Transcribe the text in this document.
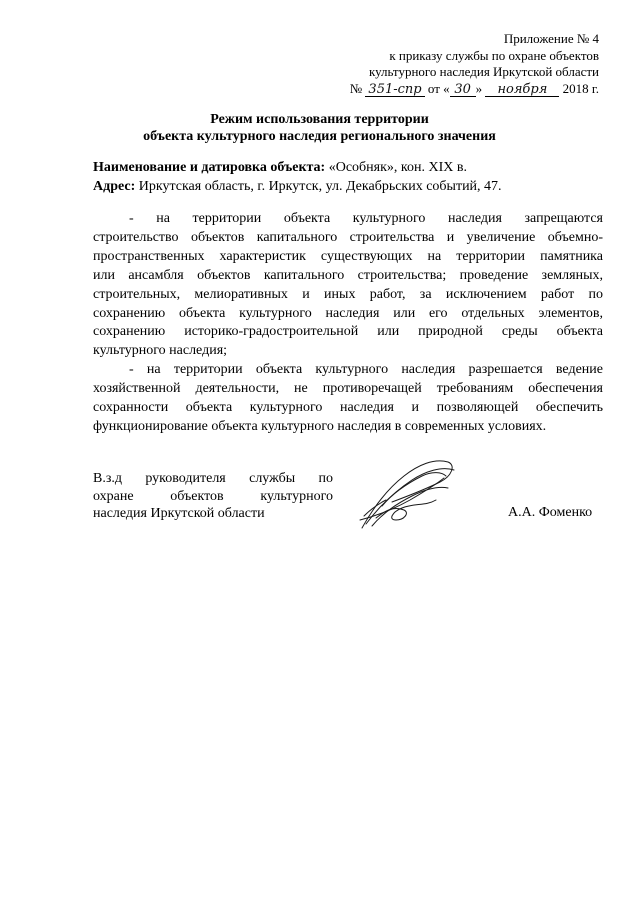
Приложение № 4
к приказу службы по охране объектов
культурного наследия Иркутской области
№ 351-спр от « 30 » ноября 2018 г.
Режим использования территории
объекта культурного наследия регионального значения
Наименование и датировка объекта: «Особняк», кон. XIX в.
Адрес: Иркутская область, г. Иркутск, ул. Декабрьских событий, 47.

- на территории объекта культурного наследия запрещаются
строительство объектов капитального строительства и увеличение объемно-
пространственных характеристик существующих на территории памятника
или ансамбля объектов капитального строительства; проведение земляных,
строительных, мелиоративных и иных работ, за исключением работ по
сохранению объекта культурного наследия или его отдельных элементов,
сохранению историко-градостроительной или природной среды объекта
культурного наследия;

- на территории объекта культурного наследия разрешается ведение
хозяйственной деятельности, не противоречащей требованиям обеспечения
сохранности объекта культурного наследия и позволяющей обеспечить
функционирование объекта культурного наследия в современных условиях.

В.з.д руководителя службы по
охране объектов культурного
наследия Иркутской области	А.А. Фоменко
